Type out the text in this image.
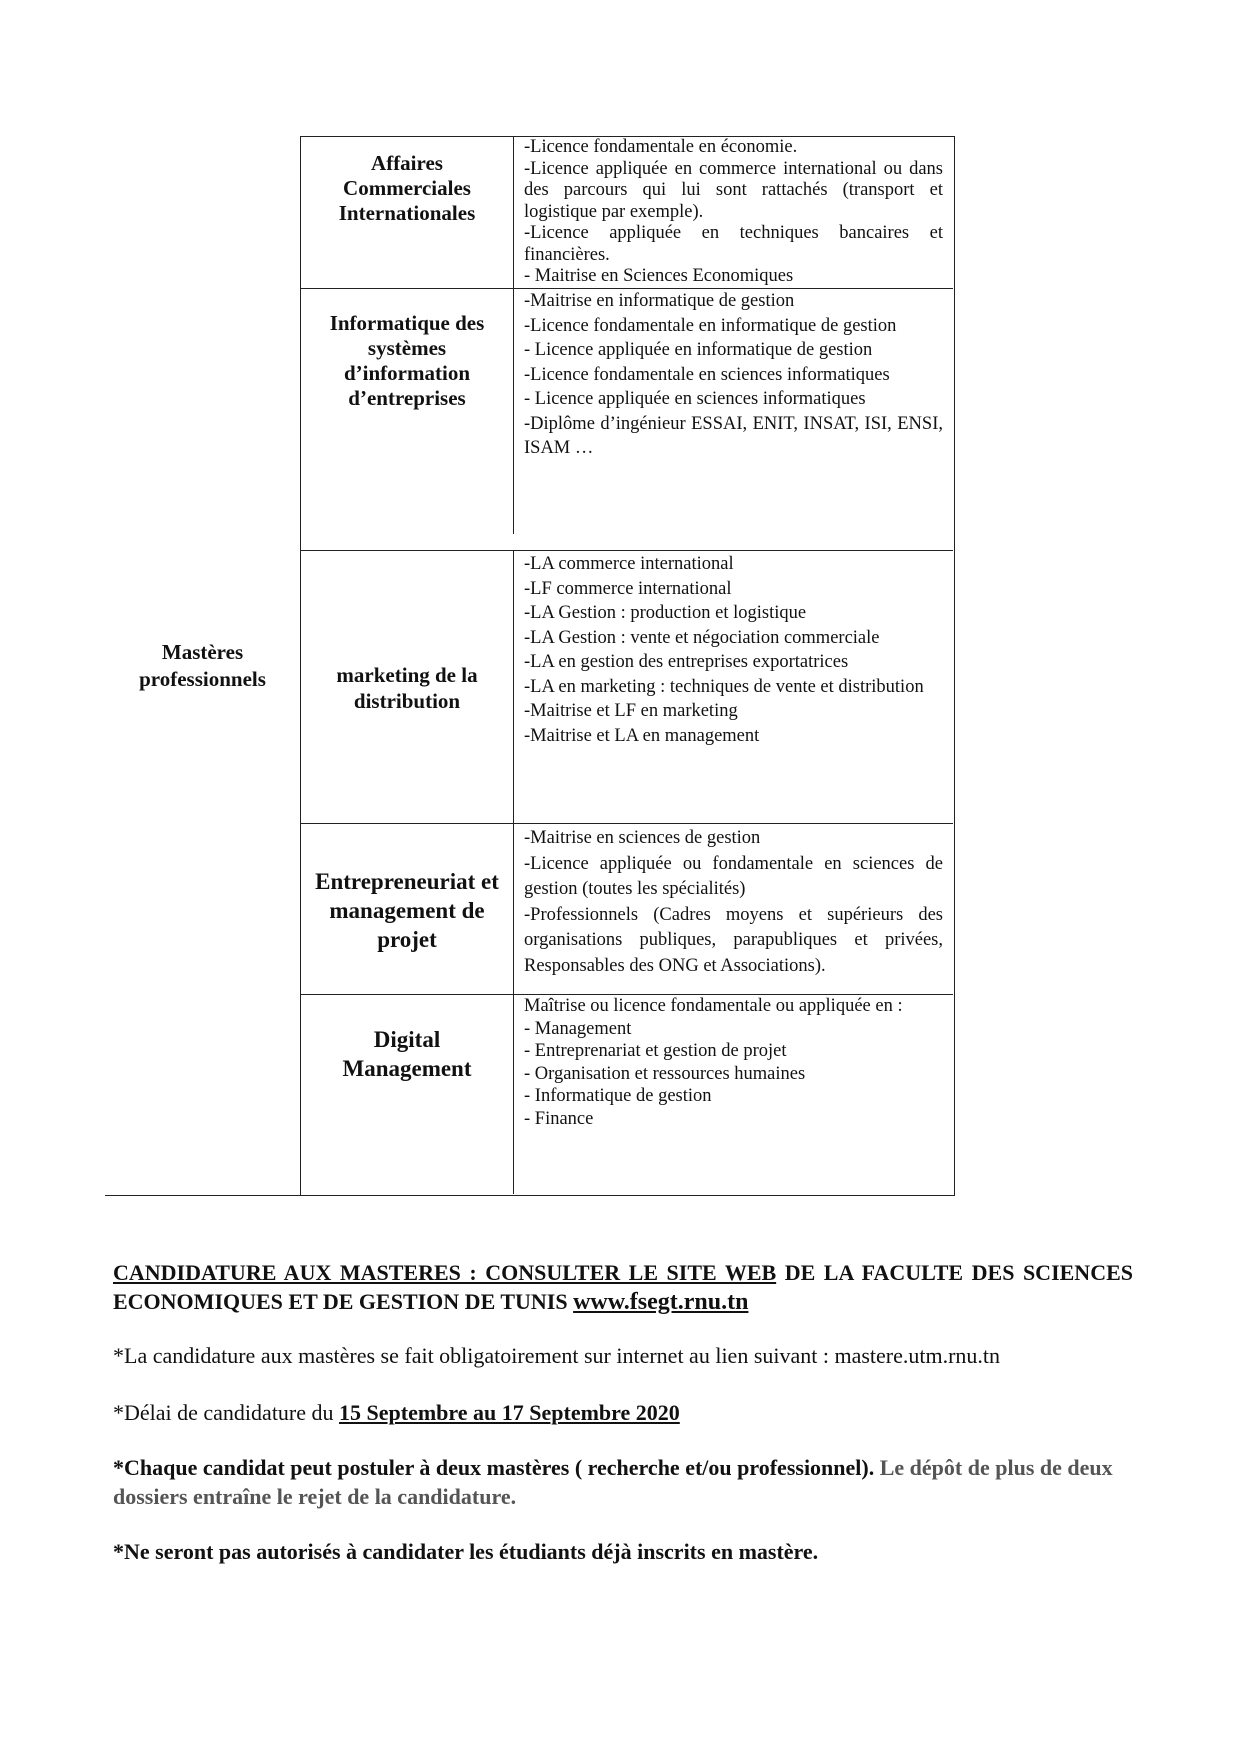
Mastères professionnels
Affaires Commerciales Internationales
-Licence fondamentale en économie.
-Licence appliquée en commerce international ou dans des parcours qui lui sont rattachés (transport et logistique par exemple).
-Licence appliquée en techniques bancaires et financières.
- Maitrise en Sciences Economiques
Informatique des systèmes d’information d’entreprises
-Maitrise en informatique de gestion
-Licence fondamentale en informatique de gestion
- Licence appliquée en informatique de gestion
-Licence fondamentale en sciences informatiques
- Licence appliquée en sciences informatiques
-Diplôme d’ingénieur ESSAI, ENIT, INSAT, ISI, ENSI, ISAM …
marketing de la distribution
-LA commerce international
-LF commerce international
-LA Gestion : production et logistique
-LA Gestion : vente et négociation commerciale
-LA en gestion des entreprises exportatrices
-LA en marketing : techniques de vente et distribution
-Maitrise et LF en marketing
-Maitrise et LA en management
Entrepreneuriat et management de projet
-Maitrise en sciences de gestion
-Licence appliquée ou fondamentale en sciences de gestion (toutes les spécialités)
-Professionnels (Cadres moyens et supérieurs des organisations publiques, parapubliques et privées, Responsables des ONG et Associations).
Digital Management
Maîtrise ou licence fondamentale ou appliquée en :
- Management
- Entreprenariat et gestion de projet
- Organisation et ressources humaines
- Informatique de gestion
- Finance
CANDIDATURE AUX MASTERES : CONSULTER LE SITE WEB DE LA FACULTE DES SCIENCES ECONOMIQUES ET DE GESTION DE TUNIS www.fsegt.rnu.tn
*La candidature aux mastères se fait obligatoirement sur internet au lien suivant : mastere.utm.rnu.tn
*Délai de candidature du 15 Septembre au 17 Septembre 2020
*Chaque candidat peut postuler à deux mastères ( recherche et/ou professionnel). Le dépôt de plus de deux dossiers entraîne le rejet de la candidature.
*Ne seront pas autorisés à candidater les étudiants déjà inscrits en mastère.
